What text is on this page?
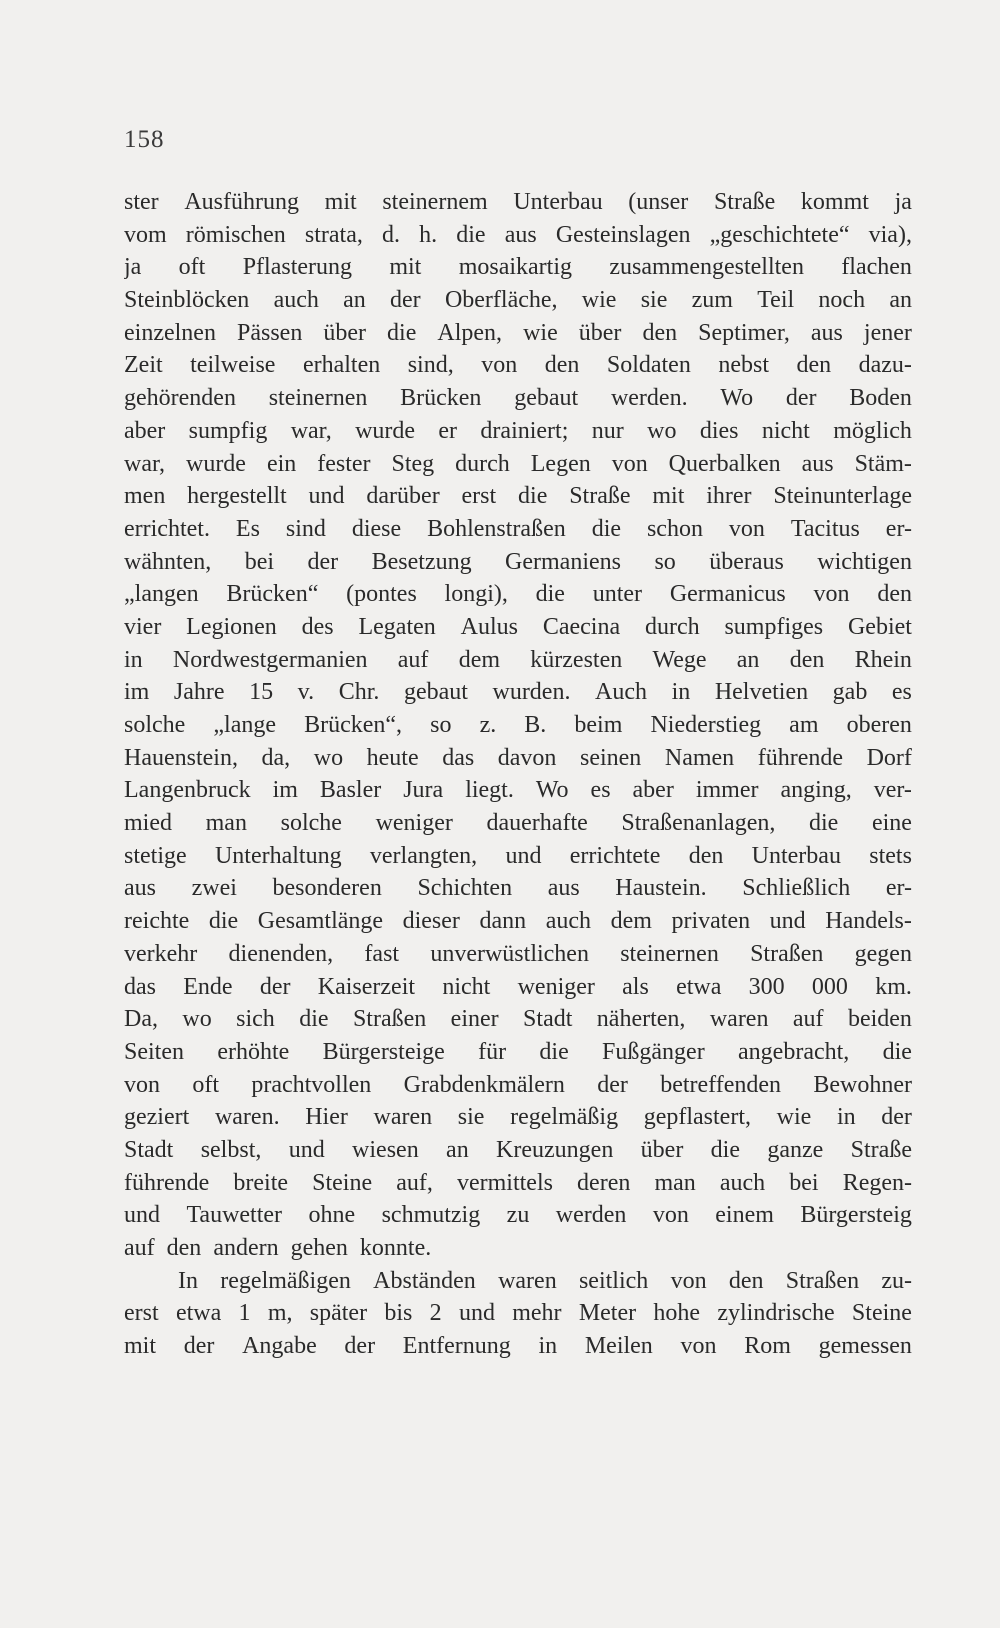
158
ster Ausführung mit steinernem Unterbau (unser Straße kommt ja
vom römischen strata, d. h. die aus Gesteinslagen „geschichtete“ via),
ja oft Pflasterung mit mosaikartig zusammengestellten flachen
Steinblöcken auch an der Oberfläche, wie sie zum Teil noch an
einzelnen Pässen über die Alpen, wie über den Septimer, aus jener
Zeit teilweise erhalten sind, von den Soldaten nebst den dazu-
gehörenden steinernen Brücken gebaut werden. Wo der Boden
aber sumpfig war, wurde er drainiert; nur wo dies nicht möglich
war, wurde ein fester Steg durch Legen von Querbalken aus Stäm-
men hergestellt und darüber erst die Straße mit ihrer Steinunterlage
errichtet. Es sind diese Bohlenstraßen die schon von Tacitus er-
wähnten, bei der Besetzung Germaniens so überaus wichtigen
„langen Brücken“ (pontes longi), die unter Germanicus von den
vier Legionen des Legaten Aulus Caecina durch sumpfiges Gebiet
in Nordwestgermanien auf dem kürzesten Wege an den Rhein
im Jahre 15 v. Chr. gebaut wurden. Auch in Helvetien gab es
solche „lange Brücken“, so z. B. beim Niederstieg am oberen
Hauenstein, da, wo heute das davon seinen Namen führende Dorf
Langenbruck im Basler Jura liegt. Wo es aber immer anging, ver-
mied man solche weniger dauerhafte Straßenanlagen, die eine
stetige Unterhaltung verlangten, und errichtete den Unterbau stets
aus zwei besonderen Schichten aus Haustein. Schließlich er-
reichte die Gesamtlänge dieser dann auch dem privaten und Handels-
verkehr dienenden, fast unverwüstlichen steinernen Straßen gegen
das Ende der Kaiserzeit nicht weniger als etwa 300 000 km.
Da, wo sich die Straßen einer Stadt näherten, waren auf beiden
Seiten erhöhte Bürgersteige für die Fußgänger angebracht, die
von oft prachtvollen Grabdenkmälern der betreffenden Bewohner
geziert waren. Hier waren sie regelmäßig gepflastert, wie in der
Stadt selbst, und wiesen an Kreuzungen über die ganze Straße
führende breite Steine auf, vermittels deren man auch bei Regen-
und Tauwetter ohne schmutzig zu werden von einem Bürgersteig
auf den andern gehen konnte.
In regelmäßigen Abständen waren seitlich von den Straßen zu-
erst etwa 1 m, später bis 2 und mehr Meter hohe zylindrische Steine
mit der Angabe der Entfernung in Meilen von Rom gemessen
